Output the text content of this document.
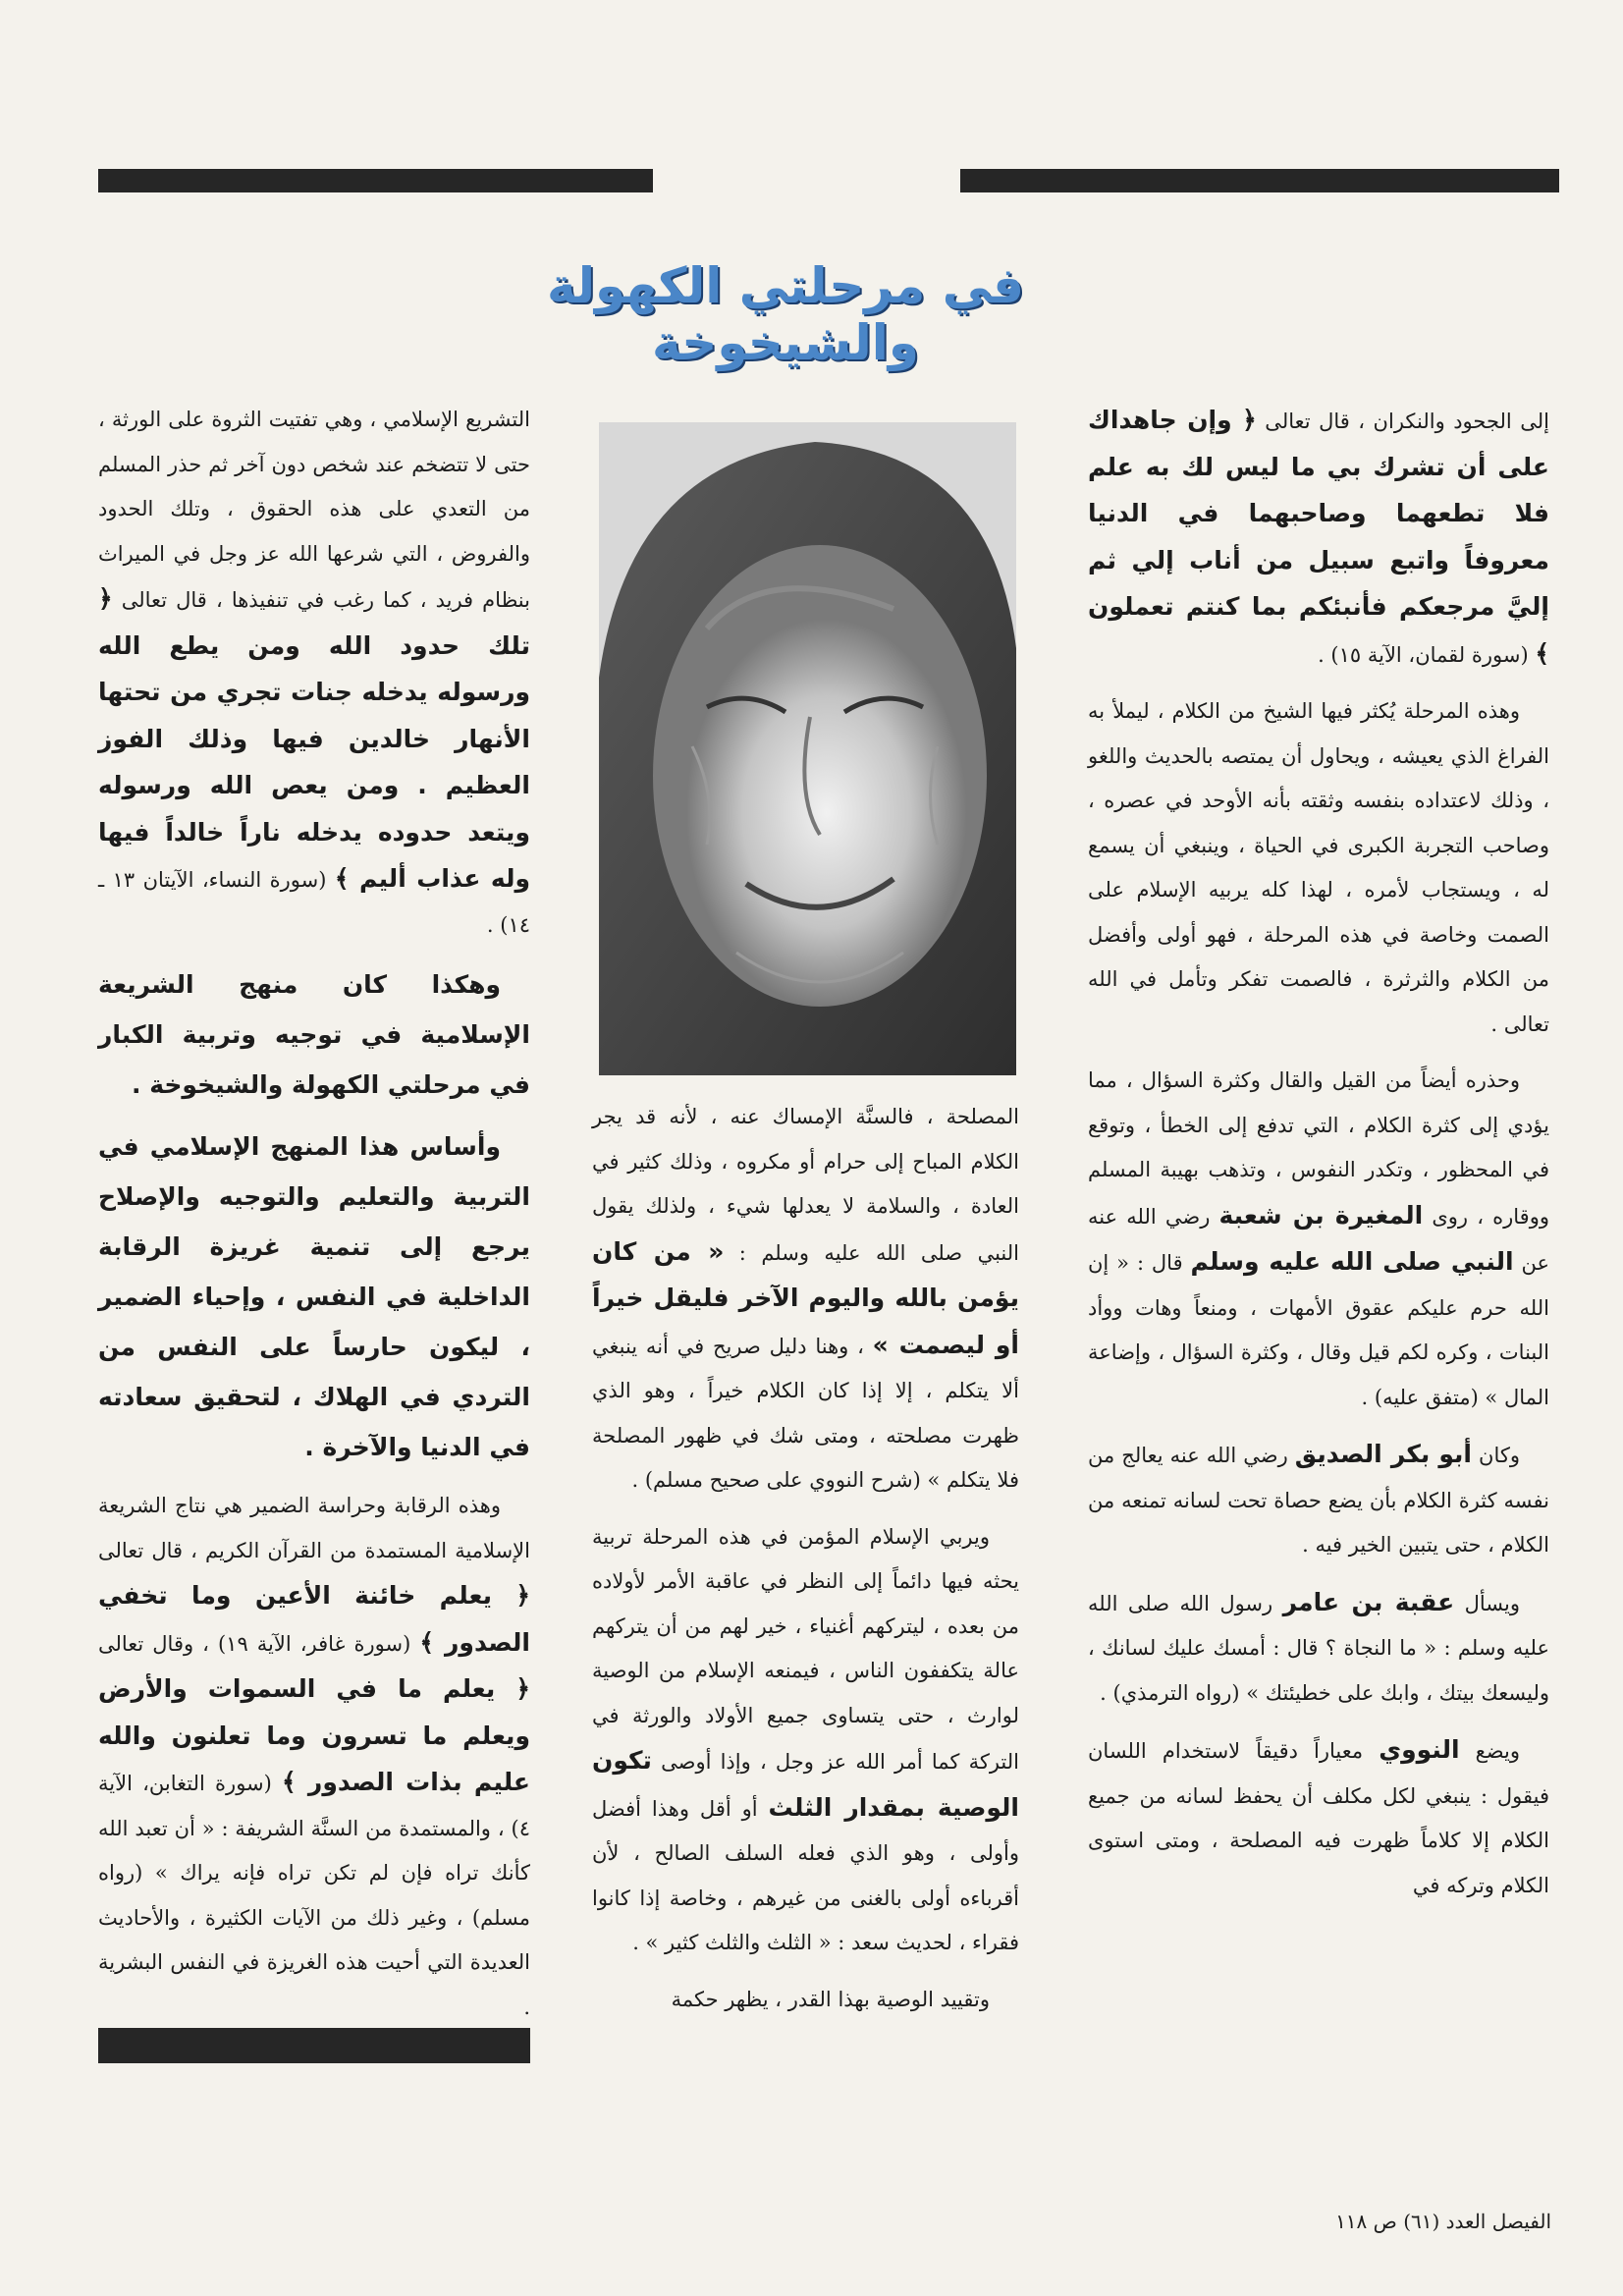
في مرحلتي الكهولة والشيخوخة

إلى الجحود والنكران ، قال تعالى ﴿ وإن جاهداك على أن تشرك بي ما ليس لك به علم فلا تطعهما وصاحبهما في الدنيا معروفاً واتبع سبيل من أناب إلي ثم إليَّ مرجعكم فأنبئكم بما كنتم تعملون ﴾ (سورة لقمان، الآية ١٥) .

وهذه المرحلة يُكثر فيها الشيخ من الكلام ، ليملأ به الفراغ الذي يعيشه ، ويحاول أن يمتصه بالحديث واللغو ، وذلك لاعتداده بنفسه وثقته بأنه الأوحد في عصره ، وصاحب التجربة الكبرى في الحياة ، وينبغي أن يسمع له ، ويستجاب لأمره ، لهذا كله يربيه الإسلام على الصمت وخاصة في هذه المرحلة ، فهو أولى وأفضل من الكلام والثرثرة ، فالصمت تفكر وتأمل في الله تعالى .

وحذره أيضاً من القيل والقال وكثرة السؤال ، مما يؤدي إلى كثرة الكلام ، التي تدفع إلى الخطأ ، وتوقع في المحظور ، وتكدر النفوس ، وتذهب بهيبة المسلم ووقاره ، روى المغيرة بن شعبة رضي الله عنه عن النبي صلى الله عليه وسلم قال : « إن الله حرم عليكم عقوق الأمهات ، ومنعاً وهات ووأد البنات ، وكره لكم قيل وقال ، وكثرة السؤال ، وإضاعة المال » (متفق عليه) .

وكان أبو بكر الصديق رضي الله عنه يعالج من نفسه كثرة الكلام بأن يضع حصاة تحت لسانه تمنعه من الكلام ، حتى يتبين الخير فيه .

ويسأل عقبة بن عامر رسول الله صلى الله عليه وسلم : « ما النجاة ؟ قال : أمسك عليك لسانك ، وليسعك بيتك ، وابك على خطيئتك » (رواه الترمذي) .

ويضع النووي معياراً دقيقاً لاستخدام اللسان فيقول : ينبغي لكل مكلف أن يحفظ لسانه من جميع الكلام إلا كلاماً ظهرت فيه المصلحة ، ومتى استوى الكلام وتركه في

المصلحة ، فالسنَّة الإمساك عنه ، لأنه قد يجر الكلام المباح إلى حرام أو مكروه ، وذلك كثير في العادة ، والسلامة لا يعدلها شيء ، ولذلك يقول النبي صلى الله عليه وسلم : « من كان يؤمن بالله واليوم الآخر فليقل خيراً أو ليصمت » ، وهنا دليل صريح في أنه ينبغي ألا يتكلم ، إلا إذا كان الكلام خيراً ، وهو الذي ظهرت مصلحته ، ومتى شك في ظهور المصلحة فلا يتكلم » (شرح النووي على صحيح مسلم) .

ويربي الإسلام المؤمن في هذه المرحلة تربية يحثه فيها دائماً إلى النظر في عاقبة الأمر لأولاده من بعده ، ليتركهم أغنياء ، خير لهم من أن يتركهم عالة يتكففون الناس ، فيمنعه الإسلام من الوصية لوارث ، حتى يتساوى جميع الأولاد والورثة في التركة كما أمر الله عز وجل ، وإذا أوصى تكون الوصية بمقدار الثلث أو أقل وهذا أفضل وأولى ، وهو الذي فعله السلف الصالح ، لأن أقرباءه أولى بالغنى من غيرهم ، وخاصة إذا كانوا فقراء ، لحديث سعد : « الثلث والثلث كثير » .

وتقييد الوصية بهذا القدر ، يظهر حكمة

التشريع الإسلامي ، وهي تفتيت الثروة على الورثة ، حتى لا تتضخم عند شخص دون آخر ثم حذر المسلم من التعدي على هذه الحقوق ، وتلك الحدود والفروض ، التي شرعها الله عز وجل في الميراث بنظام فريد ، كما رغب في تنفيذها ، قال تعالى ﴿ تلك حدود الله ومن يطع الله ورسوله يدخله جنات تجري من تحتها الأنهار خالدين فيها وذلك الفوز العظيم . ومن يعص الله ورسوله ويتعد حدوده يدخله ناراً خالداً فيها وله عذاب أليم ﴾ (سورة النساء، الآيتان ١٣ ـ ١٤) .

وهكذا كان منهج الشريعة الإسلامية في توجيه وتربية الكبار في مرحلتي الكهولة والشيخوخة .

وأساس هذا المنهج الإسلامي في التربية والتعليم والتوجيه والإصلاح يرجع إلى تنمية غريزة الرقابة الداخلية في النفس ، وإحياء الضمير ، ليكون حارساً على النفس من التردي في الهلاك ، لتحقيق سعادته في الدنيا والآخرة .

وهذه الرقابة وحراسة الضمير هي نتاج الشريعة الإسلامية المستمدة من القرآن الكريم ، قال تعالى ﴿ يعلم خائنة الأعين وما تخفي الصدور ﴾ (سورة غافر، الآية ١٩) ، وقال تعالى ﴿ يعلم ما في السموات والأرض ويعلم ما تسرون وما تعلنون والله عليم بذات الصدور ﴾ (سورة التغابن، الآية ٤) ، والمستمدة من السنَّة الشريفة : « أن تعبد الله كأنك تراه فإن لم تكن تراه فإنه يراك » (رواه مسلم) ، وغير ذلك من الآيات الكثيرة ، والأحاديث العديدة التي أحيت هذه الغريزة في النفس البشرية .

الفيصل العدد (٦١) ص ١١٨
